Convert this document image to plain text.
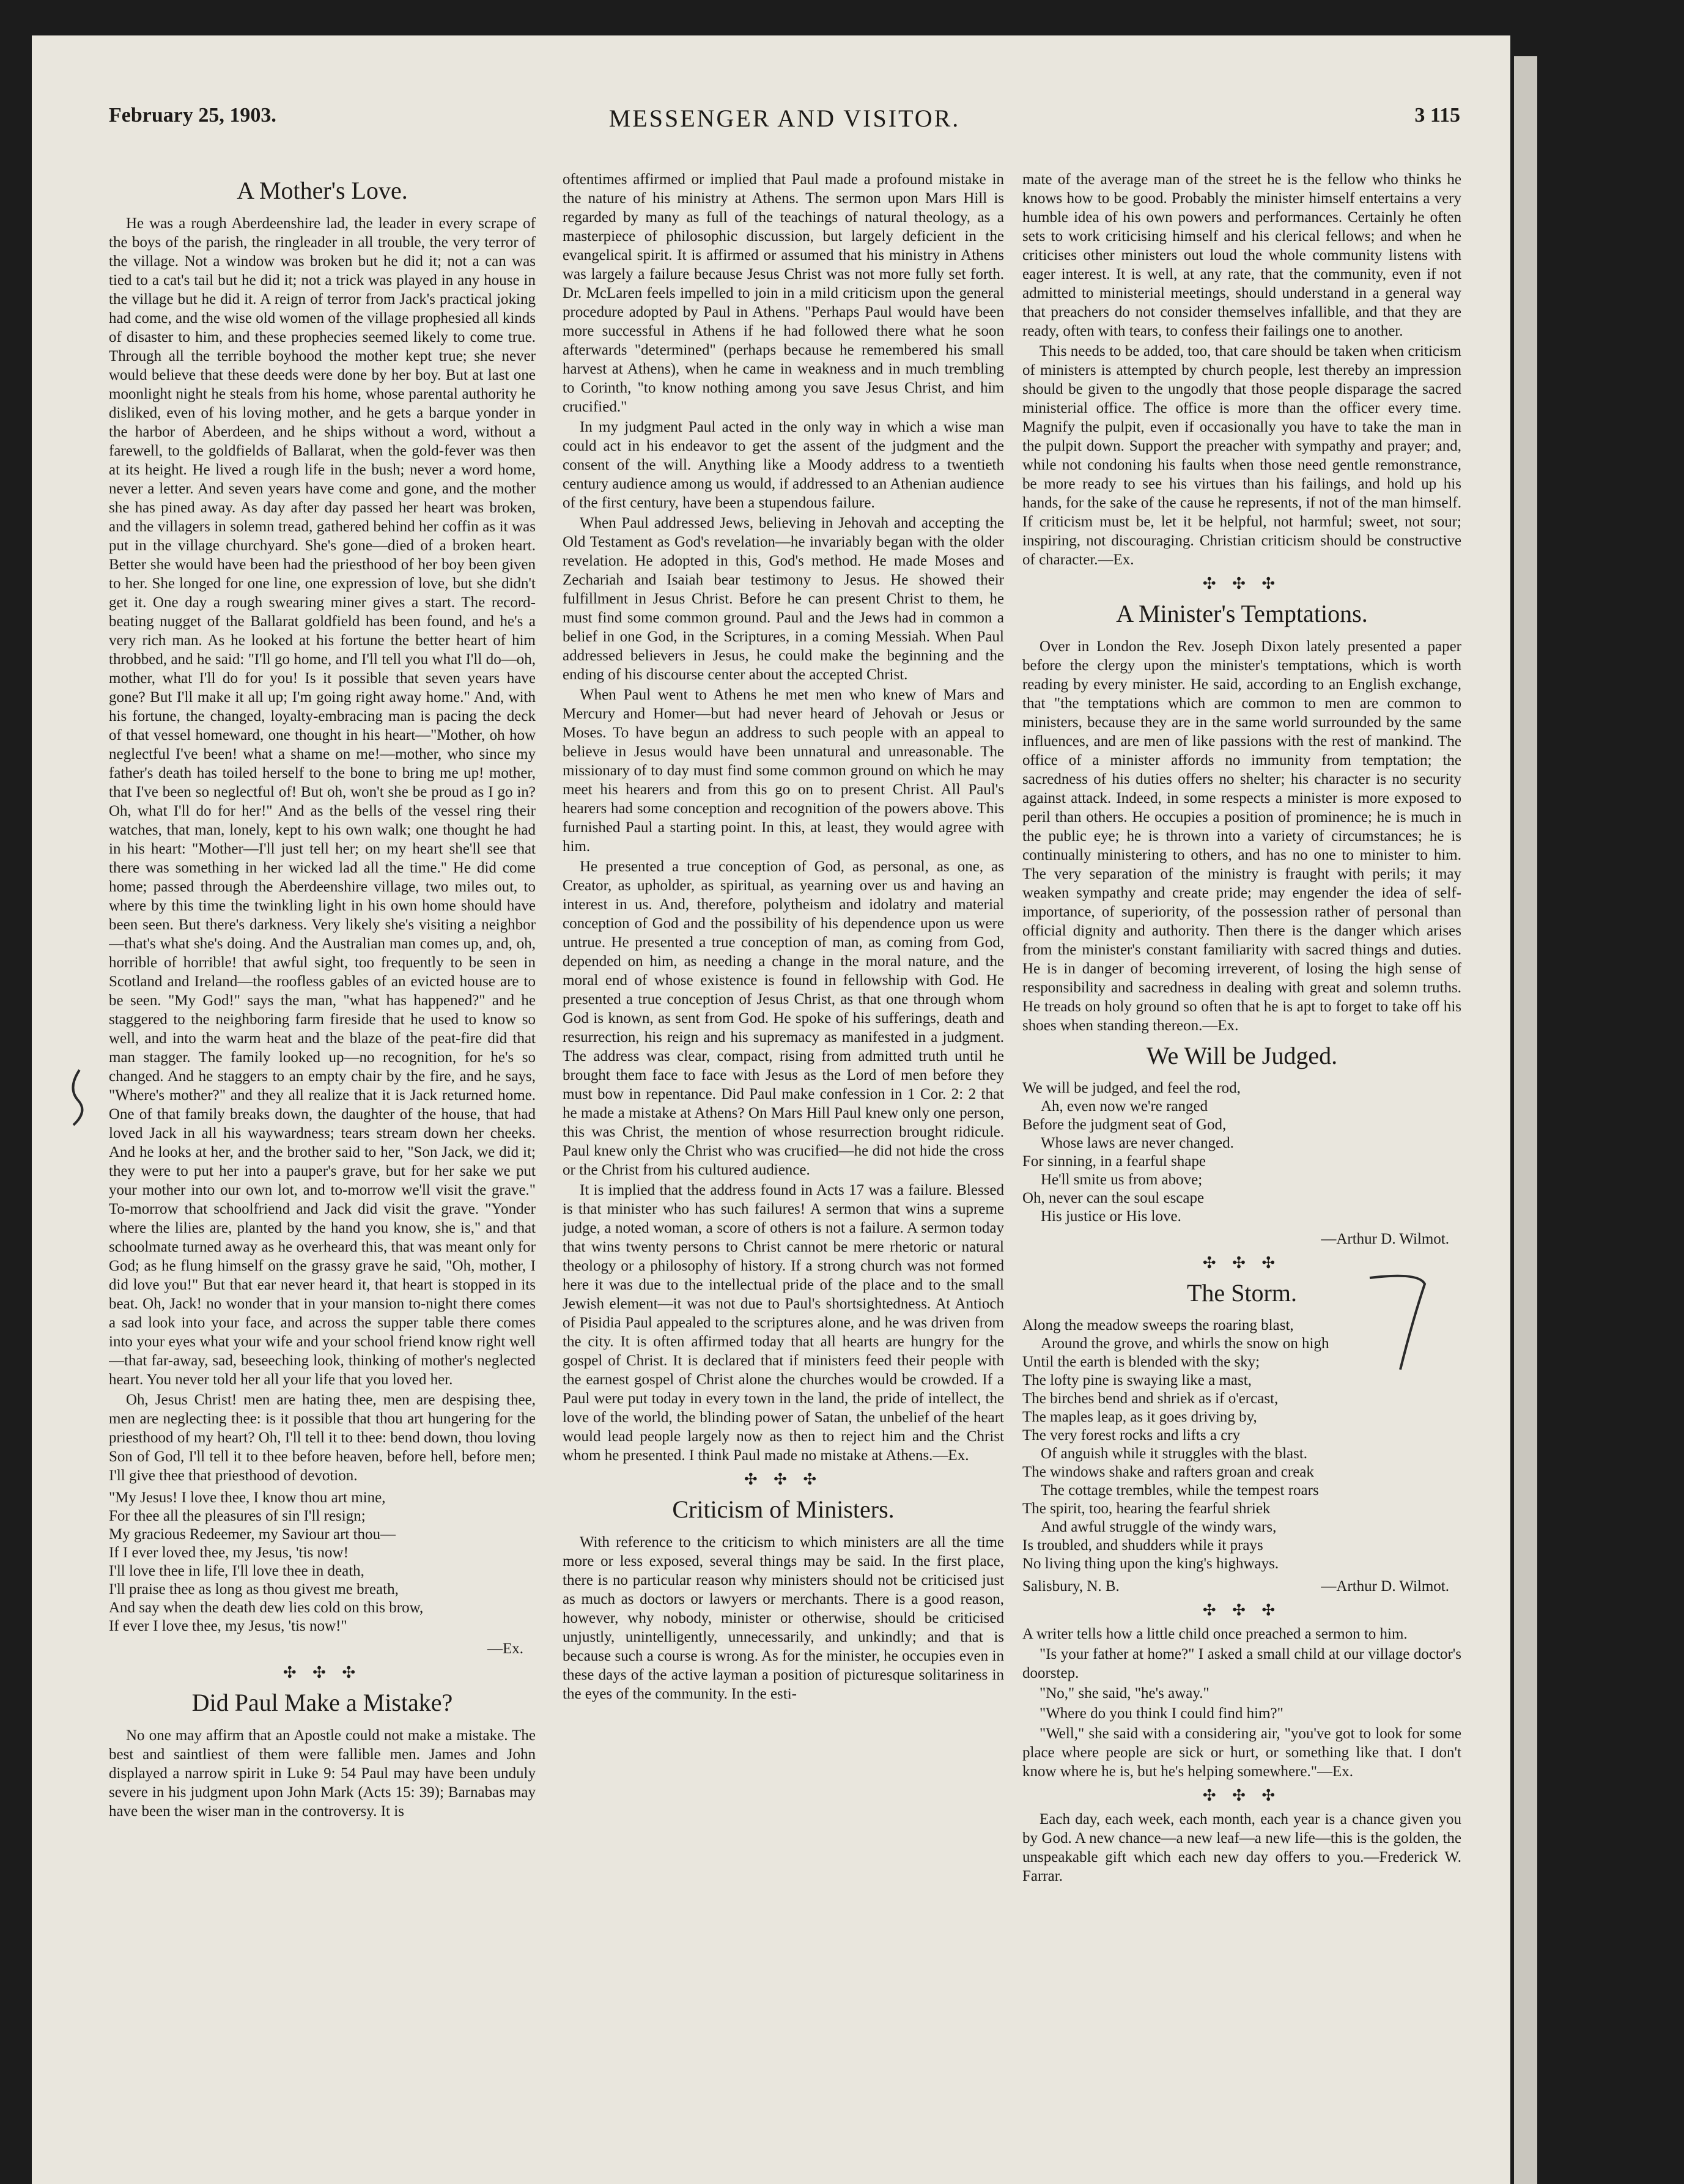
February 25, 1903.	MESSENGER AND VISITOR.	3 115
A Mother's Love.

He was a rough Aberdeenshire lad, the leader in every scrape of the boys of the parish, the ringleader in all trouble, the very terror of the village. Not a window was broken but he did it; not a can was tied to a cat's tail but he did it; not a trick was played in any house in the village but he did it. A reign of terror from Jack's practical joking had come, and the wise old women of the village prophesied all kinds of disaster to him, and these prophecies seemed likely to come true. Through all the terrible boyhood the mother kept true; she never would believe that these deeds were done by her boy. But at last one moonlight night he steals from his home, whose parental authority he disliked, even of his loving mother, and he gets a barque yonder in the harbor of Aberdeen, and he ships without a word, without a farewell, to the goldfields of Ballarat, when the gold-fever was then at its height. He lived a rough life in the bush; never a word home, never a letter. And seven years have come and gone, and the mother she has pined away. As day after day passed her heart was broken, and the villagers in solemn tread, gathered behind her coffin as it was put in the village churchyard. She's gone—died of a broken heart. Better she would have been had the priesthood of her boy been given to her. She longed for one line, one expression of love, but she didn't get it. One day a rough swearing miner gives a start. The record-beating nugget of the Ballarat goldfield has been found, and he's a very rich man. As he looked at his fortune the better heart of him throbbed, and he said: "I'll go home, and I'll tell you what I'll do—oh, mother, what I'll do for you! Is it possible that seven years have gone? But I'll make it all up; I'm going right away home." And, with his fortune, the changed, loyalty-embracing man is pacing the deck of that vessel homeward, one thought in his heart—"Mother, oh how neglectful I've been! what a shame on me!—mother, who since my father's death has toiled herself to the bone to bring me up! mother, that I've been so neglectful of! But oh, won't she be proud as I go in? Oh, what I'll do for her!" And as the bells of the vessel ring their watches, that man, lonely, kept to his own walk; one thought he had in his heart: "Mother—I'll just tell her; on my heart she'll see that there was something in her wicked lad all the time." He did come home; passed through the Aberdeenshire village, two miles out, to where by this time the twinkling light in his own home should have been seen. But there's darkness. Very likely she's visiting a neighbor—that's what she's doing. And the Australian man comes up, and, oh, horrible of horrible! that awful sight, too frequently to be seen in Scotland and Ireland—the roofless gables of an evicted house are to be seen. "My God!" says the man, "what has happened?" and he staggered to the neighboring farm fireside that he used to know so well, and into the warm heat and the blaze of the peat-fire did that man stagger. The family looked up—no recognition, for he's so changed. And he staggers to an empty chair by the fire, and he says, "Where's mother?" and they all realize that it is Jack returned home. One of that family breaks down, the daughter of the house, that had loved Jack in all his waywardness; tears stream down her cheeks. And he looks at her, and the brother said to her, "Son Jack, we did it; they were to put her into a pauper's grave, but for her sake we put your mother into our own lot, and to-morrow we'll visit the grave." To-morrow that schoolfriend and Jack did visit the grave. "Yonder where the lilies are, planted by the hand you know, she is," and that schoolmate turned away as he overheard this, that was meant only for God; as he flung himself on the grassy grave he said, "Oh, mother, I did love you!" But that ear never heard it, that heart is stopped in its beat. Oh, Jack! no wonder that in your mansion to-night there comes a sad look into your face, and across the supper table there comes into your eyes what your wife and your school friend know right well—that far-away, sad, beseeching look, thinking of mother's neglected heart. You never told her all your life that you loved her.

Oh, Jesus Christ! men are hating thee, men are despising thee, men are neglecting thee: is it possible that thou art hungering for the priesthood of my heart? Oh, I'll tell it to thee: bend down, thou loving Son of God, I'll tell it to thee before heaven, before hell, before men; I'll give thee that priesthood of devotion.

"My Jesus! I love thee, I know thou art mine,
For thee all the pleasures of sin I'll resign;
My gracious Redeemer, my Saviour art thou—
If I ever loved thee, my Jesus, 'tis now!
I'll love thee in life, I'll love thee in death,
I'll praise thee as long as thou givest me breath,
And say when the death dew lies cold on this brow,
If ever I love thee, my Jesus, 'tis now!"
—Ex.
✣ ✣ ✣
Did Paul Make a Mistake?

No one may affirm that an Apostle could not make a mistake. The best and saintliest of them were fallible men. James and John displayed a narrow spirit in Luke 9: 54 Paul may have been unduly severe in his judgment upon John Mark (Acts 15: 39); Barnabas may have been the wiser man in the controversy. It is

oftentimes affirmed or implied that Paul made a profound mistake in the nature of his ministry at Athens. The sermon upon Mars Hill is regarded by many as full of the teachings of natural theology, as a masterpiece of philosophic discussion, but largely deficient in the evangelical spirit. It is affirmed or assumed that his ministry in Athens was largely a failure because Jesus Christ was not more fully set forth. Dr. McLaren feels impelled to join in a mild criticism upon the general procedure adopted by Paul in Athens. "Perhaps Paul would have been more successful in Athens if he had followed there what he soon afterwards "determined" (perhaps because he remembered his small harvest at Athens), when he came in weakness and in much trembling to Corinth, "to know nothing among you save Jesus Christ, and him crucified."

In my judgment Paul acted in the only way in which a wise man could act in his endeavor to get the assent of the judgment and the consent of the will. Anything like a Moody address to a twentieth century audience among us would, if addressed to an Athenian audience of the first century, have been a stupendous failure.

When Paul addressed Jews, believing in Jehovah and accepting the Old Testament as God's revelation—he invariably began with the older revelation. He adopted in this, God's method. He made Moses and Zechariah and Isaiah bear testimony to Jesus. He showed their fulfillment in Jesus Christ. Before he can present Christ to them, he must find some common ground. Paul and the Jews had in common a belief in one God, in the Scriptures, in a coming Messiah. When Paul addressed believers in Jesus, he could make the beginning and the ending of his discourse center about the accepted Christ.

When Paul went to Athens he met men who knew of Mars and Mercury and Homer—but had never heard of Jehovah or Jesus or Moses. To have begun an address to such people with an appeal to believe in Jesus would have been unnatural and unreasonable. The missionary of to day must find some common ground on which he may meet his hearers and from this go on to present Christ. All Paul's hearers had some conception and recognition of the powers above. This furnished Paul a starting point. In this, at least, they would agree with him.

He presented a true conception of God, as personal, as one, as Creator, as upholder, as spiritual, as yearning over us and having an interest in us. And, therefore, polytheism and idolatry and material conception of God and the possibility of his dependence upon us were untrue. He presented a true conception of man, as coming from God, depended on him, as needing a change in the moral nature, and the moral end of whose existence is found in fellowship with God. He presented a true conception of Jesus Christ, as that one through whom God is known, as sent from God. He spoke of his sufferings, death and resurrection, his reign and his supremacy as manifested in a judgment. The address was clear, compact, rising from admitted truth until he brought them face to face with Jesus as the Lord of men before they must bow in repentance. Did Paul make confession in 1 Cor. 2: 2 that he made a mistake at Athens? On Mars Hill Paul knew only one person, this was Christ, the mention of whose resurrection brought ridicule. Paul knew only the Christ who was crucified—he did not hide the cross or the Christ from his cultured audience.

It is implied that the address found in Acts 17 was a failure. Blessed is that minister who has such failures! A sermon that wins a supreme judge, a noted woman, a score of others is not a failure. A sermon today that wins twenty persons to Christ cannot be mere rhetoric or natural theology or a philosophy of history. If a strong church was not formed here it was due to the intellectual pride of the place and to the small Jewish element—it was not due to Paul's shortsightedness. At Antioch of Pisidia Paul appealed to the scriptures alone, and he was driven from the city. It is often affirmed today that all hearts are hungry for the gospel of Christ. It is declared that if ministers feed their people with the earnest gospel of Christ alone the churches would be crowded. If a Paul were put today in every town in the land, the pride of intellect, the love of the world, the blinding power of Satan, the unbelief of the heart would lead people largely now as then to reject him and the Christ whom he presented. I think Paul made no mistake at Athens.—Ex.

✣ ✣ ✣
Criticism of Ministers.

With reference to the criticism to which ministers are all the time more or less exposed, several things may be said. In the first place, there is no particular reason why ministers should not be criticised just as much as doctors or lawyers or merchants. There is a good reason, however, why nobody, minister or otherwise, should be criticised unjustly, unintelligently, unnecessarily, and unkindly; and that is because such a course is wrong. As for the minister, he occupies even in these days of the active layman a position of picturesque solitariness in the eyes of the community. In the esti-

mate of the average man of the street he is the fellow who thinks he knows how to be good. Probably the minister himself entertains a very humble idea of his own powers and performances. Certainly he often sets to work criticising himself and his clerical fellows; and when he criticises other ministers out loud the whole community listens with eager interest. It is well, at any rate, that the community, even if not admitted to ministerial meetings, should understand in a general way that preachers do not consider themselves infallible, and that they are ready, often with tears, to confess their failings one to another.

This needs to be added, too, that care should be taken when criticism of ministers is attempted by church people, lest thereby an impression should be given to the ungodly that those people disparage the sacred ministerial office. The office is more than the officer every time. Magnify the pulpit, even if occasionally you have to take the man in the pulpit down. Support the preacher with sympathy and prayer; and, while not condoning his faults when those need gentle remonstrance, be more ready to see his virtues than his failings, and hold up his hands, for the sake of the cause he represents, if not of the man himself. If criticism must be, let it be helpful, not harmful; sweet, not sour; inspiring, not discouraging. Christian criticism should be constructive of character.—Ex.

✣ ✣ ✣
A Minister's Temptations.

Over in London the Rev. Joseph Dixon lately presented a paper before the clergy upon the minister's temptations, which is worth reading by every minister. He said, according to an English exchange, that "the temptations which are common to men are common to ministers, because they are in the same world surrounded by the same influences, and are men of like passions with the rest of mankind. The office of a minister affords no immunity from temptation; the sacredness of his duties offers no shelter; his character is no security against attack. Indeed, in some respects a minister is more exposed to peril than others. He occupies a position of prominence; he is much in the public eye; he is thrown into a variety of circumstances; he is continually ministering to others, and has no one to minister to him. The very separation of the ministry is fraught with perils; it may weaken sympathy and create pride; may engender the idea of self-importance, of superiority, of the possession rather of personal than official dignity and authority. Then there is the danger which arises from the minister's constant familiarity with sacred things and duties. He is in danger of becoming irreverent, of losing the high sense of responsibility and sacredness in dealing with great and solemn truths. He treads on holy ground so often that he is apt to forget to take off his shoes when standing thereon.—Ex.

We Will be Judged.
We will be judged, and feel the rod,
Ah, even now we're ranged
Before the judgment seat of God,
Whose laws are never changed.
For sinning, in a fearful shape
He'll smite us from above;
Oh, never can the soul escape
His justice or His love.
—Arthur D. Wilmot.
✣ ✣ ✣
The Storm.
Along the meadow sweeps the roaring blast,
Around the grove, and whirls the snow on high
Until the earth is blended with the sky;
The lofty pine is swaying like a mast,
The birches bend and shriek as if o'ercast,
The maples leap, as it goes driving by,
The very forest rocks and lifts a cry
Of anguish while it struggles with the blast.
The windows shake and rafters groan and creak
The cottage trembles, while the tempest roars
The spirit, too, hearing the fearful shriek
And awful struggle of the windy wars,
Is troubled, and shudders while it prays
No living thing upon the king's highways.
Salisbury, N. B.	—Arthur D. Wilmot.
✣ ✣ ✣

A writer tells how a little child once preached a sermon to him.

"Is your father at home?" I asked a small child at our village doctor's doorstep.

"No," she said, "he's away."

"Where do you think I could find him?"

"Well," she said with a considering air, "you've got to look for some place where people are sick or hurt, or something like that. I don't know where he is, but he's helping somewhere."—Ex.

✣ ✣ ✣

Each day, each week, each month, each year is a chance given you by God. A new chance—a new leaf—a new life—this is the golden, the unspeakable gift which each new day offers to you.—Frederick W. Farrar.
